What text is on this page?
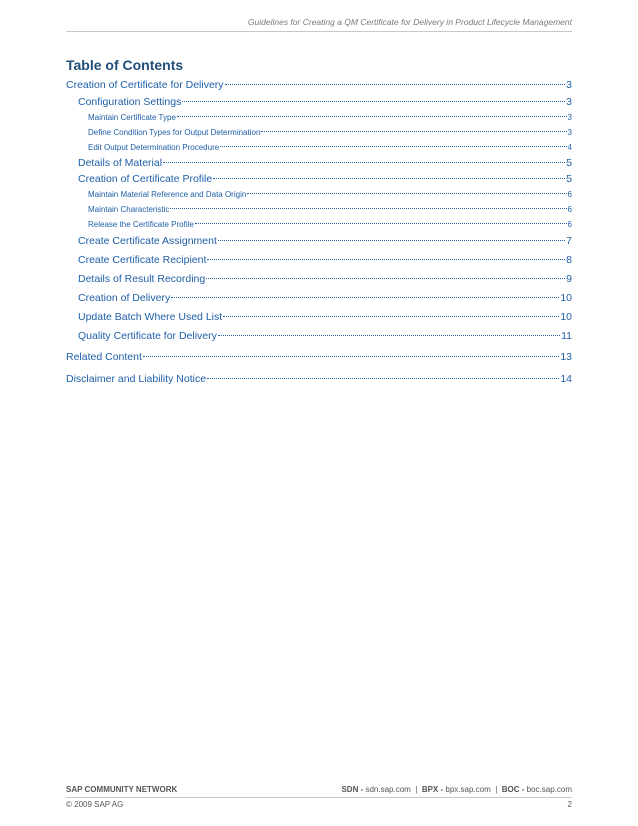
Guidelines for Creating a QM Certificate for Delivery in Product Lifecycle Management
Table of Contents
Creation of Certificate for Delivery	3
Configuration Settings	3
Maintain Certificate Type	3
Define Condition Types for Output Determination	3
Edit Output Determination Procedure	4
Details of Material	5
Creation of Certificate Profile	5
Maintain Material Reference and Data Origin	6
Maintain Characteristic	6
Release the Certificate Profile	6
Create Certificate Assignment	7
Create Certificate Recipient	8
Details of Result Recording	9
Creation of Delivery	10
Update Batch Where Used List	10
Quality Certificate for Delivery	11
Related Content	13
Disclaimer and Liability Notice	14
SAP COMMUNITY NETWORK	SDN - sdn.sap.com | BPX - bpx.sap.com | BOC - boc.sap.com
© 2009 SAP AG	2
